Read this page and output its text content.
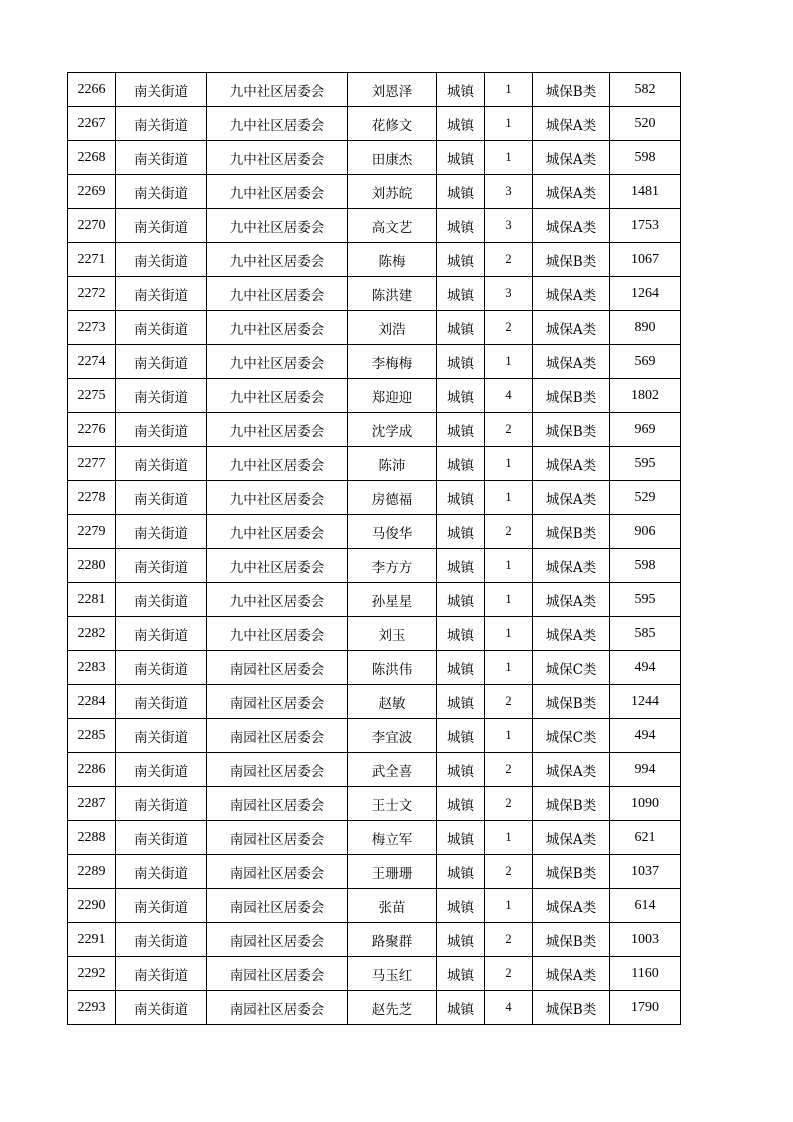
2266	南关街道	九中社区居委会	刘恩泽	城镇	1	城保B类	582
2267	南关街道	九中社区居委会	花修文	城镇	1	城保A类	520
2268	南关街道	九中社区居委会	田康杰	城镇	1	城保A类	598
2269	南关街道	九中社区居委会	刘苏皖	城镇	3	城保A类	1481
2270	南关街道	九中社区居委会	高文艺	城镇	3	城保A类	1753
2271	南关街道	九中社区居委会	陈梅	城镇	2	城保B类	1067
2272	南关街道	九中社区居委会	陈洪建	城镇	3	城保A类	1264
2273	南关街道	九中社区居委会	刘浩	城镇	2	城保A类	890
2274	南关街道	九中社区居委会	李梅梅	城镇	1	城保A类	569
2275	南关街道	九中社区居委会	郑迎迎	城镇	4	城保B类	1802
2276	南关街道	九中社区居委会	沈学成	城镇	2	城保B类	969
2277	南关街道	九中社区居委会	陈沛	城镇	1	城保A类	595
2278	南关街道	九中社区居委会	房德福	城镇	1	城保A类	529
2279	南关街道	九中社区居委会	马俊华	城镇	2	城保B类	906
2280	南关街道	九中社区居委会	李方方	城镇	1	城保A类	598
2281	南关街道	九中社区居委会	孙星星	城镇	1	城保A类	595
2282	南关街道	九中社区居委会	刘玉	城镇	1	城保A类	585
2283	南关街道	南园社区居委会	陈洪伟	城镇	1	城保C类	494
2284	南关街道	南园社区居委会	赵敏	城镇	2	城保B类	1244
2285	南关街道	南园社区居委会	李宜波	城镇	1	城保C类	494
2286	南关街道	南园社区居委会	武全喜	城镇	2	城保A类	994
2287	南关街道	南园社区居委会	王士文	城镇	2	城保B类	1090
2288	南关街道	南园社区居委会	梅立军	城镇	1	城保A类	621
2289	南关街道	南园社区居委会	王珊珊	城镇	2	城保B类	1037
2290	南关街道	南园社区居委会	张苗	城镇	1	城保A类	614
2291	南关街道	南园社区居委会	路聚群	城镇	2	城保B类	1003
2292	南关街道	南园社区居委会	马玉红	城镇	2	城保A类	1160
2293	南关街道	南园社区居委会	赵先芝	城镇	4	城保B类	1790
